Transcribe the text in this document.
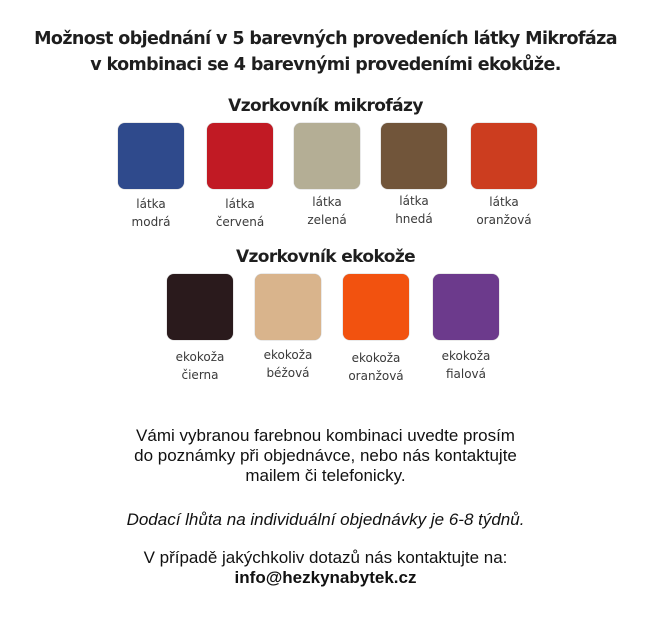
Možnost objednání v 5 barevných provedeních látky Mikrofáza
v kombinaci se 4 barevnými provedeními ekokůže.
Vzorkovník mikrofázy
látka
modrá
látka
červená
látka
zelená
látka
hnedá
látka
oranžová
Vzorkovník ekokože
ekokoža
čierna
ekokoža
béžová
ekokoža
oranžová
ekokoža
fialová

Vámi vybranou farebnou kombinaci uvedte prosím
do poznámky při objednávce, nebo nás kontaktujte
mailem či telefonicky.

Dodací lhůta na individuální objednávky je 6-8 týdnů.

V případě jakýchkoliv dotazů nás kontaktujte na:

info@hezkynabytek.cz
